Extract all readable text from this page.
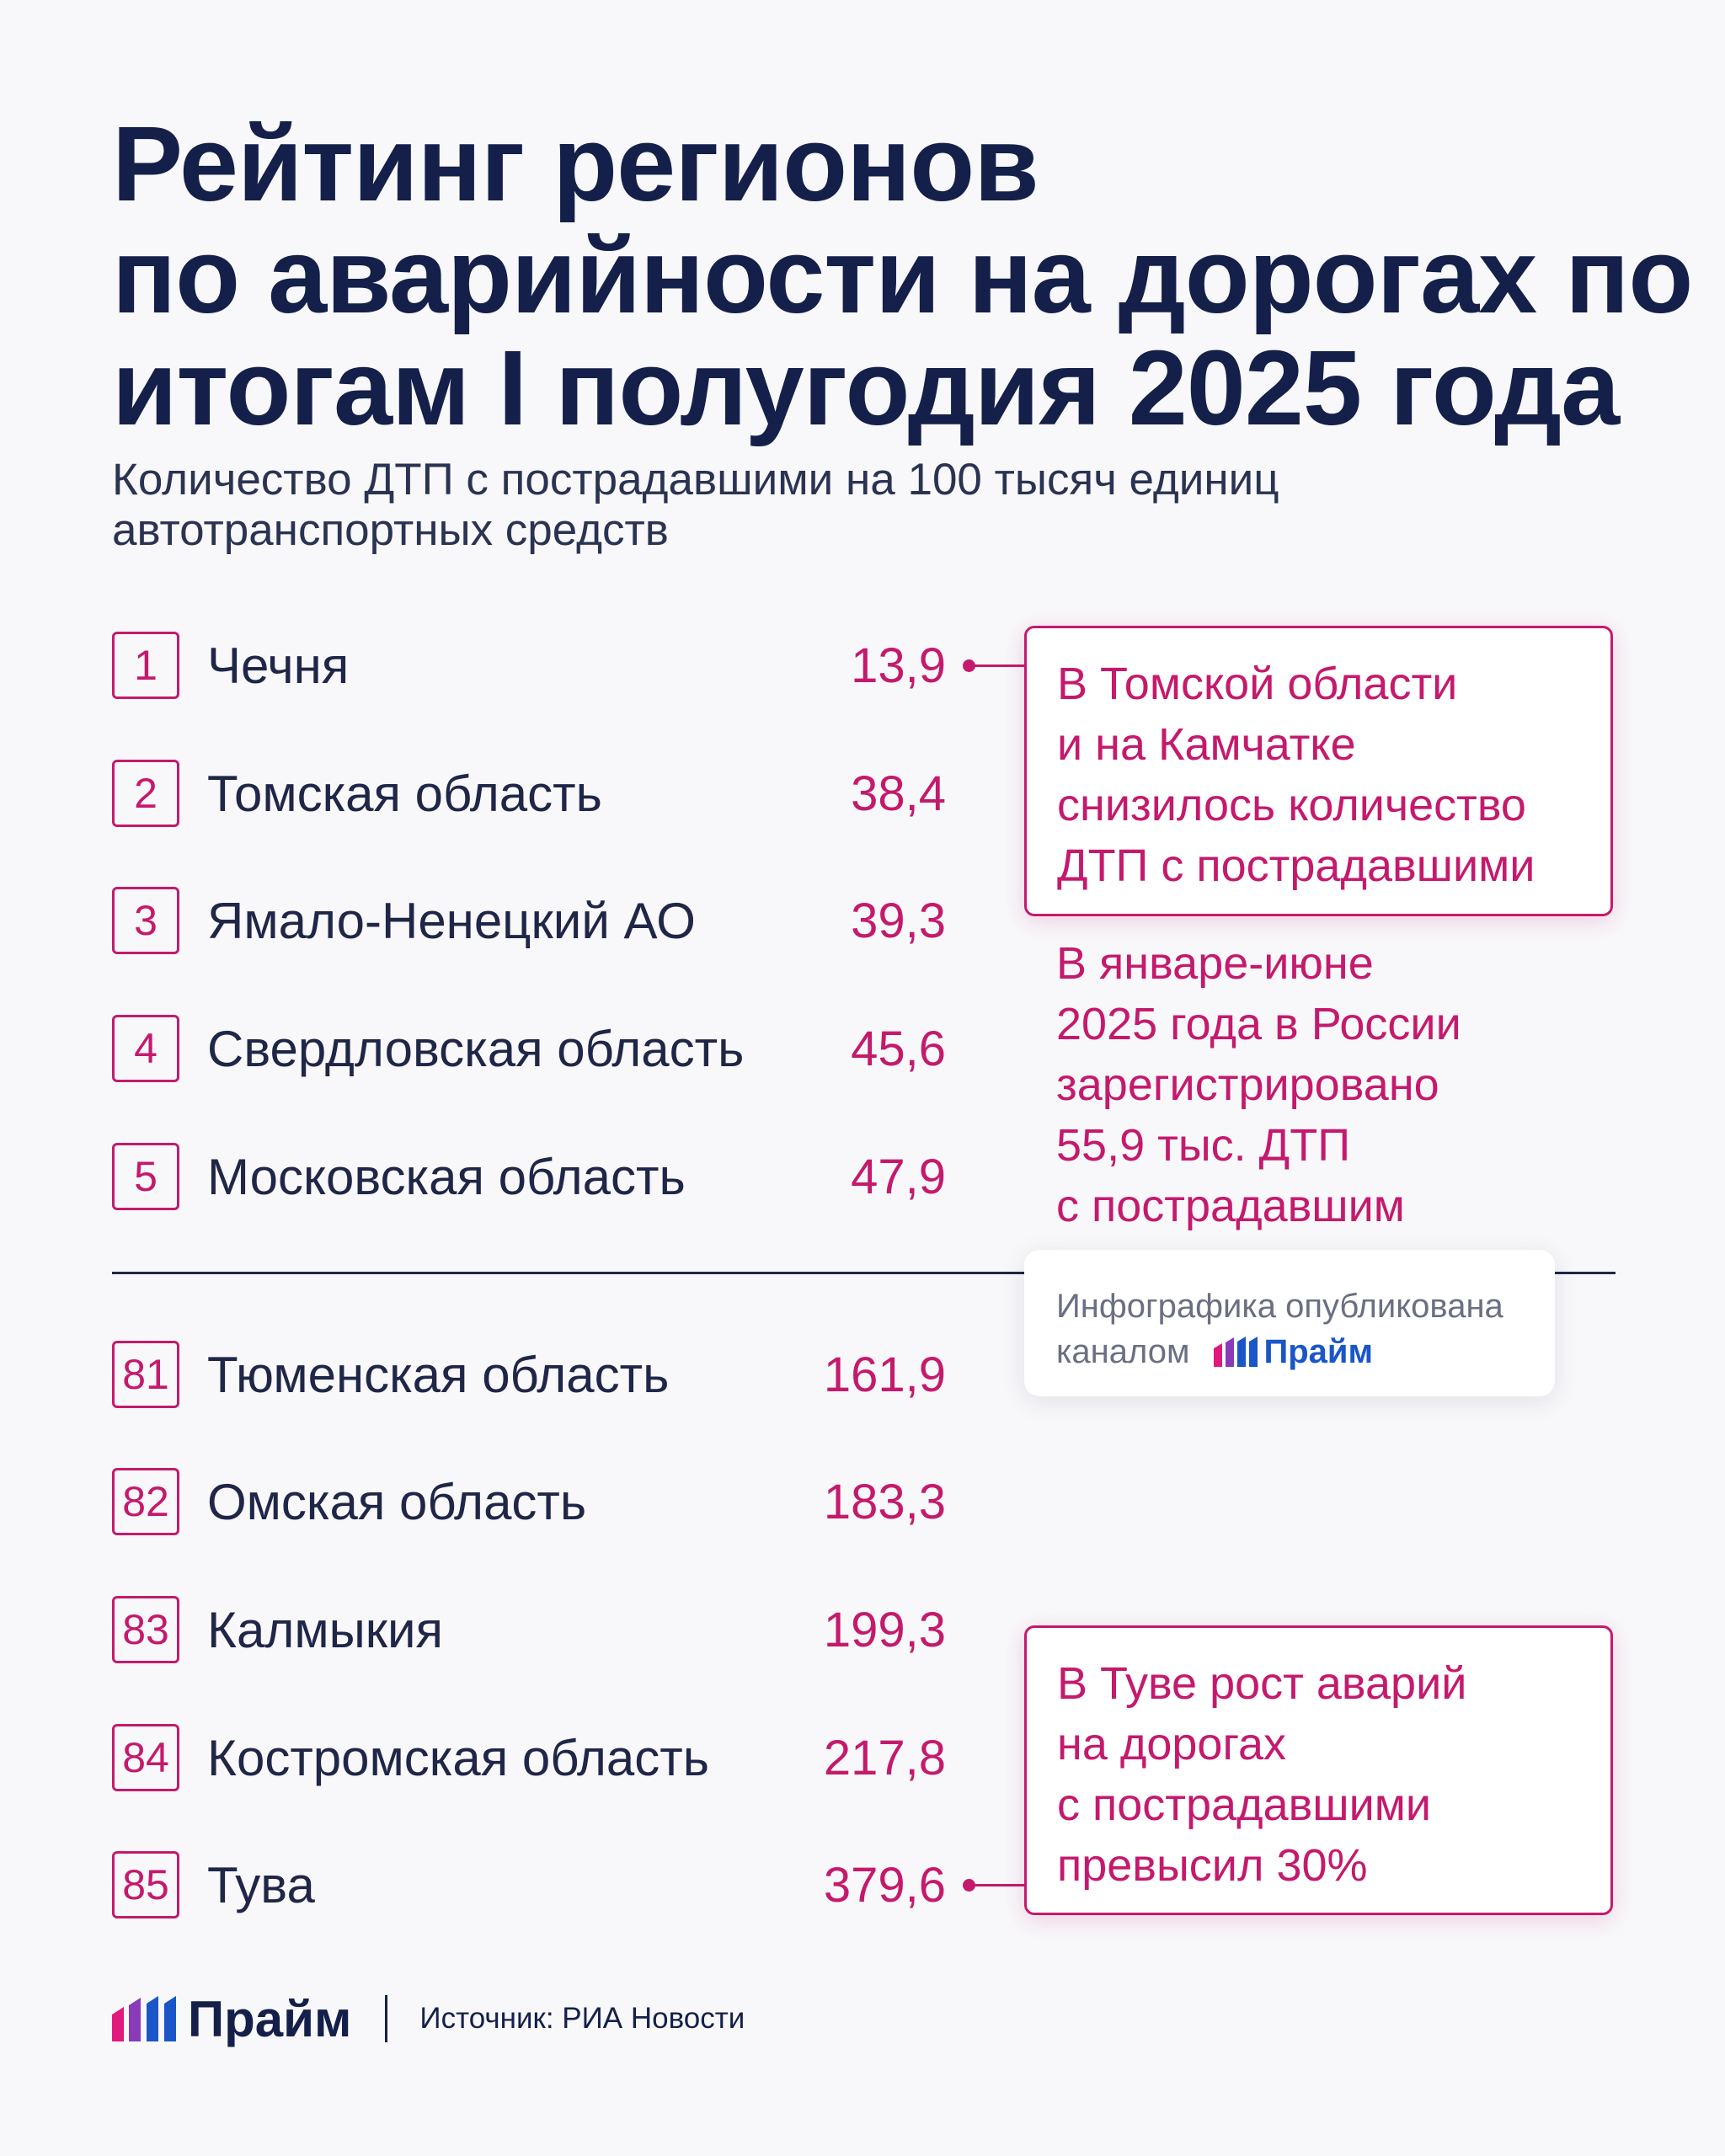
Рейтинг регионов
по аварийности на дорогах по
итогам I полугодия 2025 года

Количество ДТП с пострадавшими на 100 тысяч единиц
автотранспортных средств

1 Чечня	13,9
2 Томская область	38,4
3 Ямало-Ненецкий АО	39,3
4 Свердловская область 45,6
5 Московская область	47,9
В Томской области
и на Камчатке
снизилось количество
ДТП с пострадавшими
В январе-июне
2025 года в России
зарегистрировано
55,9 тыс. ДТП
с пострадавшим
Инфографика опубликована
каналом Прайм
81 Тюменская область	161,9
82 Омская область	183,3
83 Калмыкия	199,3
84 Костромская область 217,8
85 Тува	379,6
В Туве рост аварий
на дорогах
с пострадавшими
превысил 30%
Прайм Источник: РИА Новости
